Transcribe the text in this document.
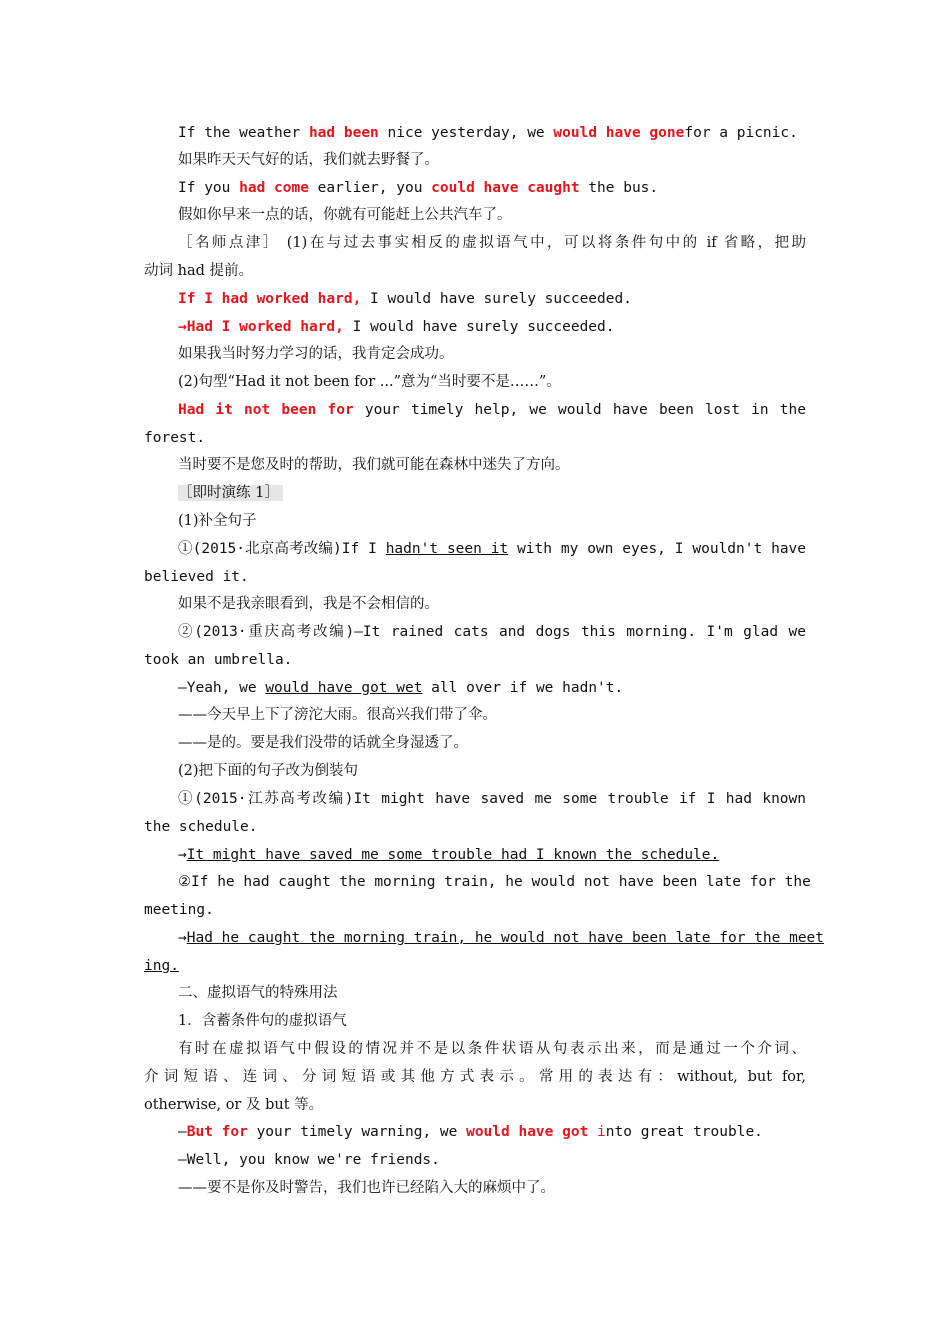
If the weather had been nice yesterday, we would have gonefor a picnic.
如果昨天天气好的话，我们就去野餐了。
If you had come earlier, you could have caught the bus.
假如你早来一点的话，你就有可能赶上公共汽车了。
［名师点津］ (1)在与过去事实相反的虚拟语气中，可以将条件句中的 if 省略，把助
动词 had 提前。
If I had worked hard, I would have surely succeeded.
→Had I worked hard, I would have surely succeeded.
如果我当时努力学习的话，我肯定会成功。
(2)句型“Had it not been for ...”意为“当时要不是……”。
Had it not been for your timely help, we would have been lost in the
forest.
当时要不是您及时的帮助，我们就可能在森林中迷失了方向。
［即时演练 1］
(1)补全句子
①(2015·北京高考改编)If I hadn't seen it with my own eyes, I wouldn't have
believed it.
如果不是我亲眼看到，我是不会相信的。
②(2013·重庆高考改编)—It rained cats and dogs this morning. I'm glad we
took an umbrella.
—Yeah, we would have got wet all over if we hadn't.
——今天早上下了滂沱大雨。很高兴我们带了伞。
——是的。要是我们没带的话就全身湿透了。
(2)把下面的句子改为倒装句
①(2015·江苏高考改编)It might have saved me some trouble if I had known
the schedule.
→It might have saved me some trouble had I known the schedule.
②If he had caught the morning train, he would not have been late for the
meeting.
→Had he caught the morning train, he would not have been late for the meet
ing.
二、虚拟语气的特殊用法
1．含蓄条件句的虚拟语气
有时在虚拟语气中假设的情况并不是以条件状语从句表示出来，而是通过一个介词、
介词短语、连词、分词短语或其他方式表示。常用的表达有：without, but for,
otherwise, or 及 but 等。
—But for your timely warning, we would have got into great trouble.
—Well, you know we're friends.
——要不是你及时警告，我们也许已经陷入大的麻烦中了。
